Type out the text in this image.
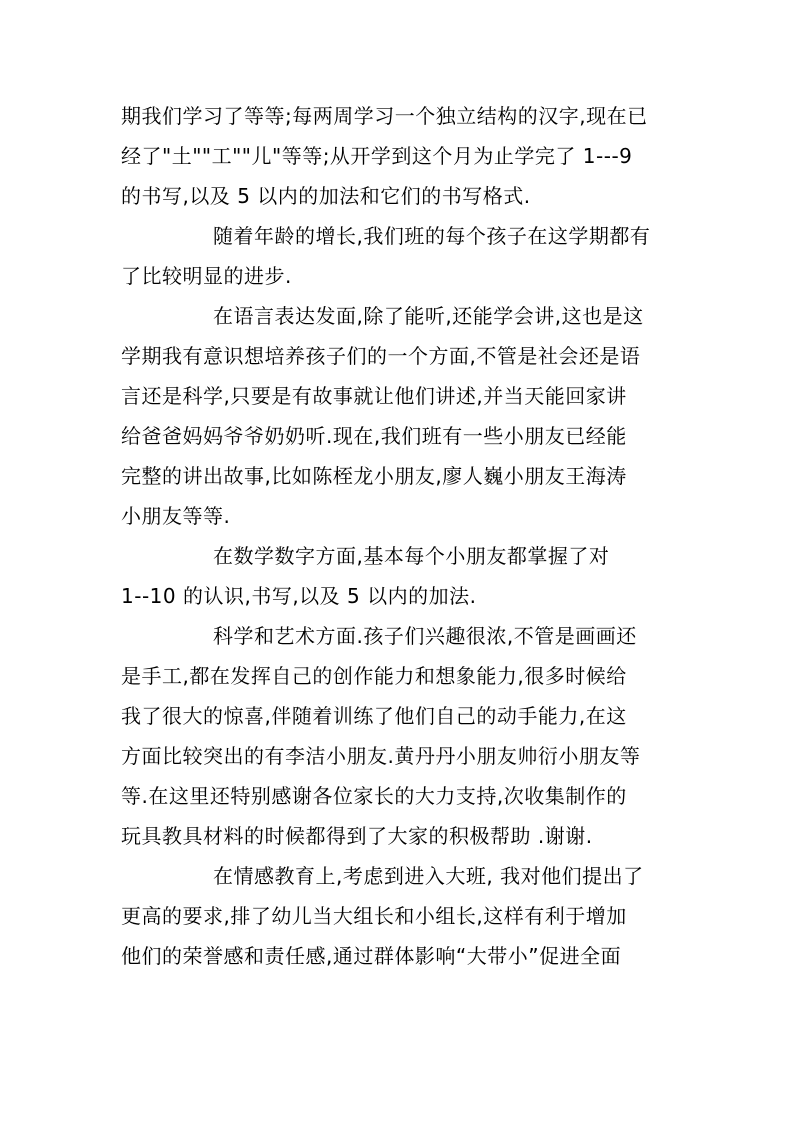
期我们学习了等等;每两周学习一个独立结构的汉字,现在已
经了"土""工""儿"等等;从开学到这个月为止学完了 1---9
的书写,以及 5 以内的加法和它们的书写格式.

随着年龄的增长,我们班的每个孩子在这学期都有
了比较明显的进步.

在语言表达发面,除了能听,还能学会讲,这也是这
学期我有意识想培养孩子们的一个方面,不管是社会还是语
言还是科学,只要是有故事就让他们讲述,并当天能回家讲
给爸爸妈妈爷爷奶奶听.现在,我们班有一些小朋友已经能
完整的讲出故事,比如陈桎龙小朋友,廖人巍小朋友王海涛
小朋友等等.

在数学数字方面,基本每个小朋友都掌握了对
1--10 的认识,书写,以及 5 以内的加法.

科学和艺术方面.孩子们兴趣很浓,不管是画画还
是手工,都在发挥自己的创作能力和想象能力,很多时候给
我了很大的惊喜,伴随着训练了他们自己的动手能力,在这
方面比较突出的有李洁小朋友.黄丹丹小朋友帅衍小朋友等
等.在这里还特别感谢各位家长的大力支持,次收集制作的
玩具教具材料的时候都得到了大家的积极帮助 .谢谢.

在情感教育上,考虑到进入大班, 我对他们提出了
更高的要求,排了幼儿当大组长和小组长,这样有利于增加
他们的荣誉感和责任感,通过群体影响“大带小”促进全面
